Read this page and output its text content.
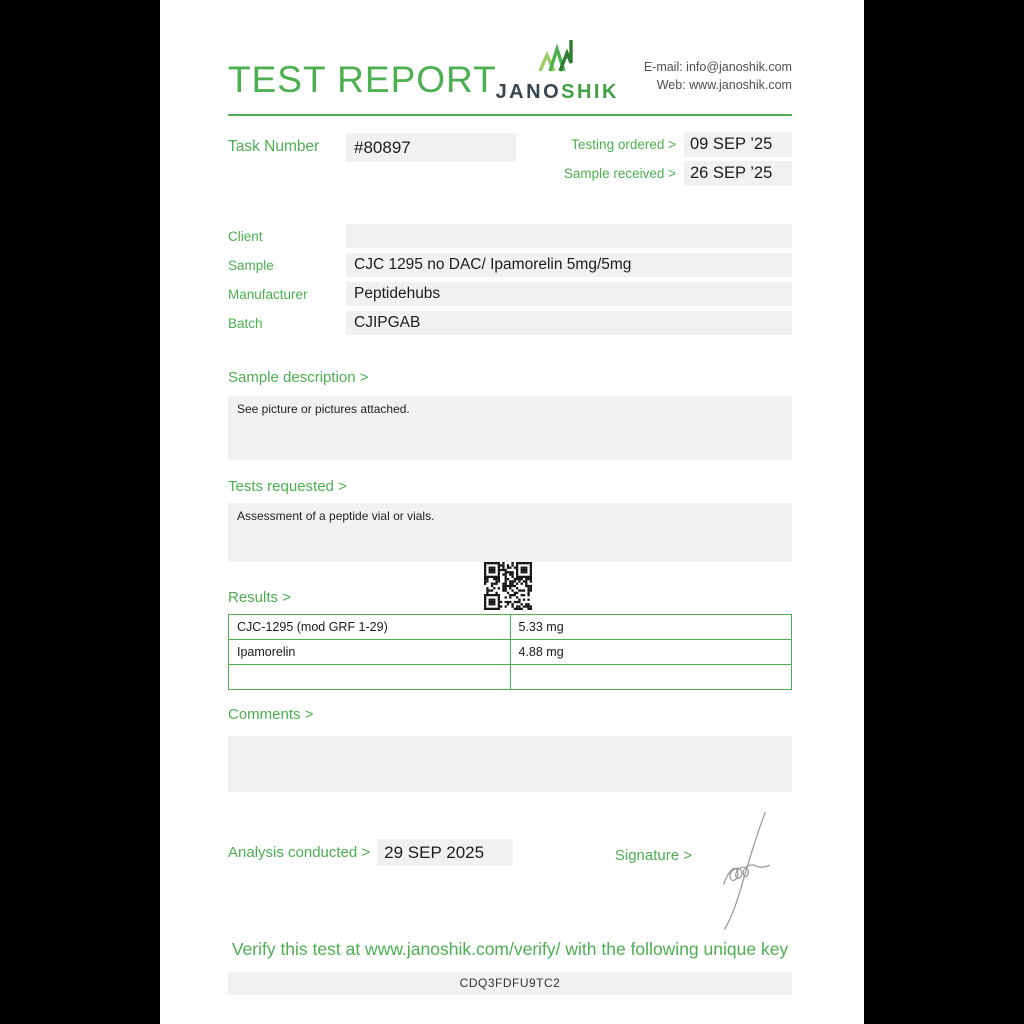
TEST REPORT
JANOSHIK
E-mail: info@janoshik.com
Web: www.janoshik.com
Task Number	#80897	Testing ordered > 09 SEP ’25
Sample received > 26 SEP ’25
Client
Sample	CJC 1295 no DAC/ Ipamorelin 5mg/5mg
Manufacturer	Peptidehubs
Batch	CJIPGAB
Sample description >
See picture or pictures attached.
Tests requested >
Assessment of a peptide vial or vials.
Results >
CJC-1295 (mod GRF 1-29)	5.33 mg
Ipamorelin	4.88 mg

Comments >
Analysis conducted > 29 SEP 2025	Signature >
Verify this test at www.janoshik.com/verify/ with the following unique key
CDQ3FDFU9TC2
